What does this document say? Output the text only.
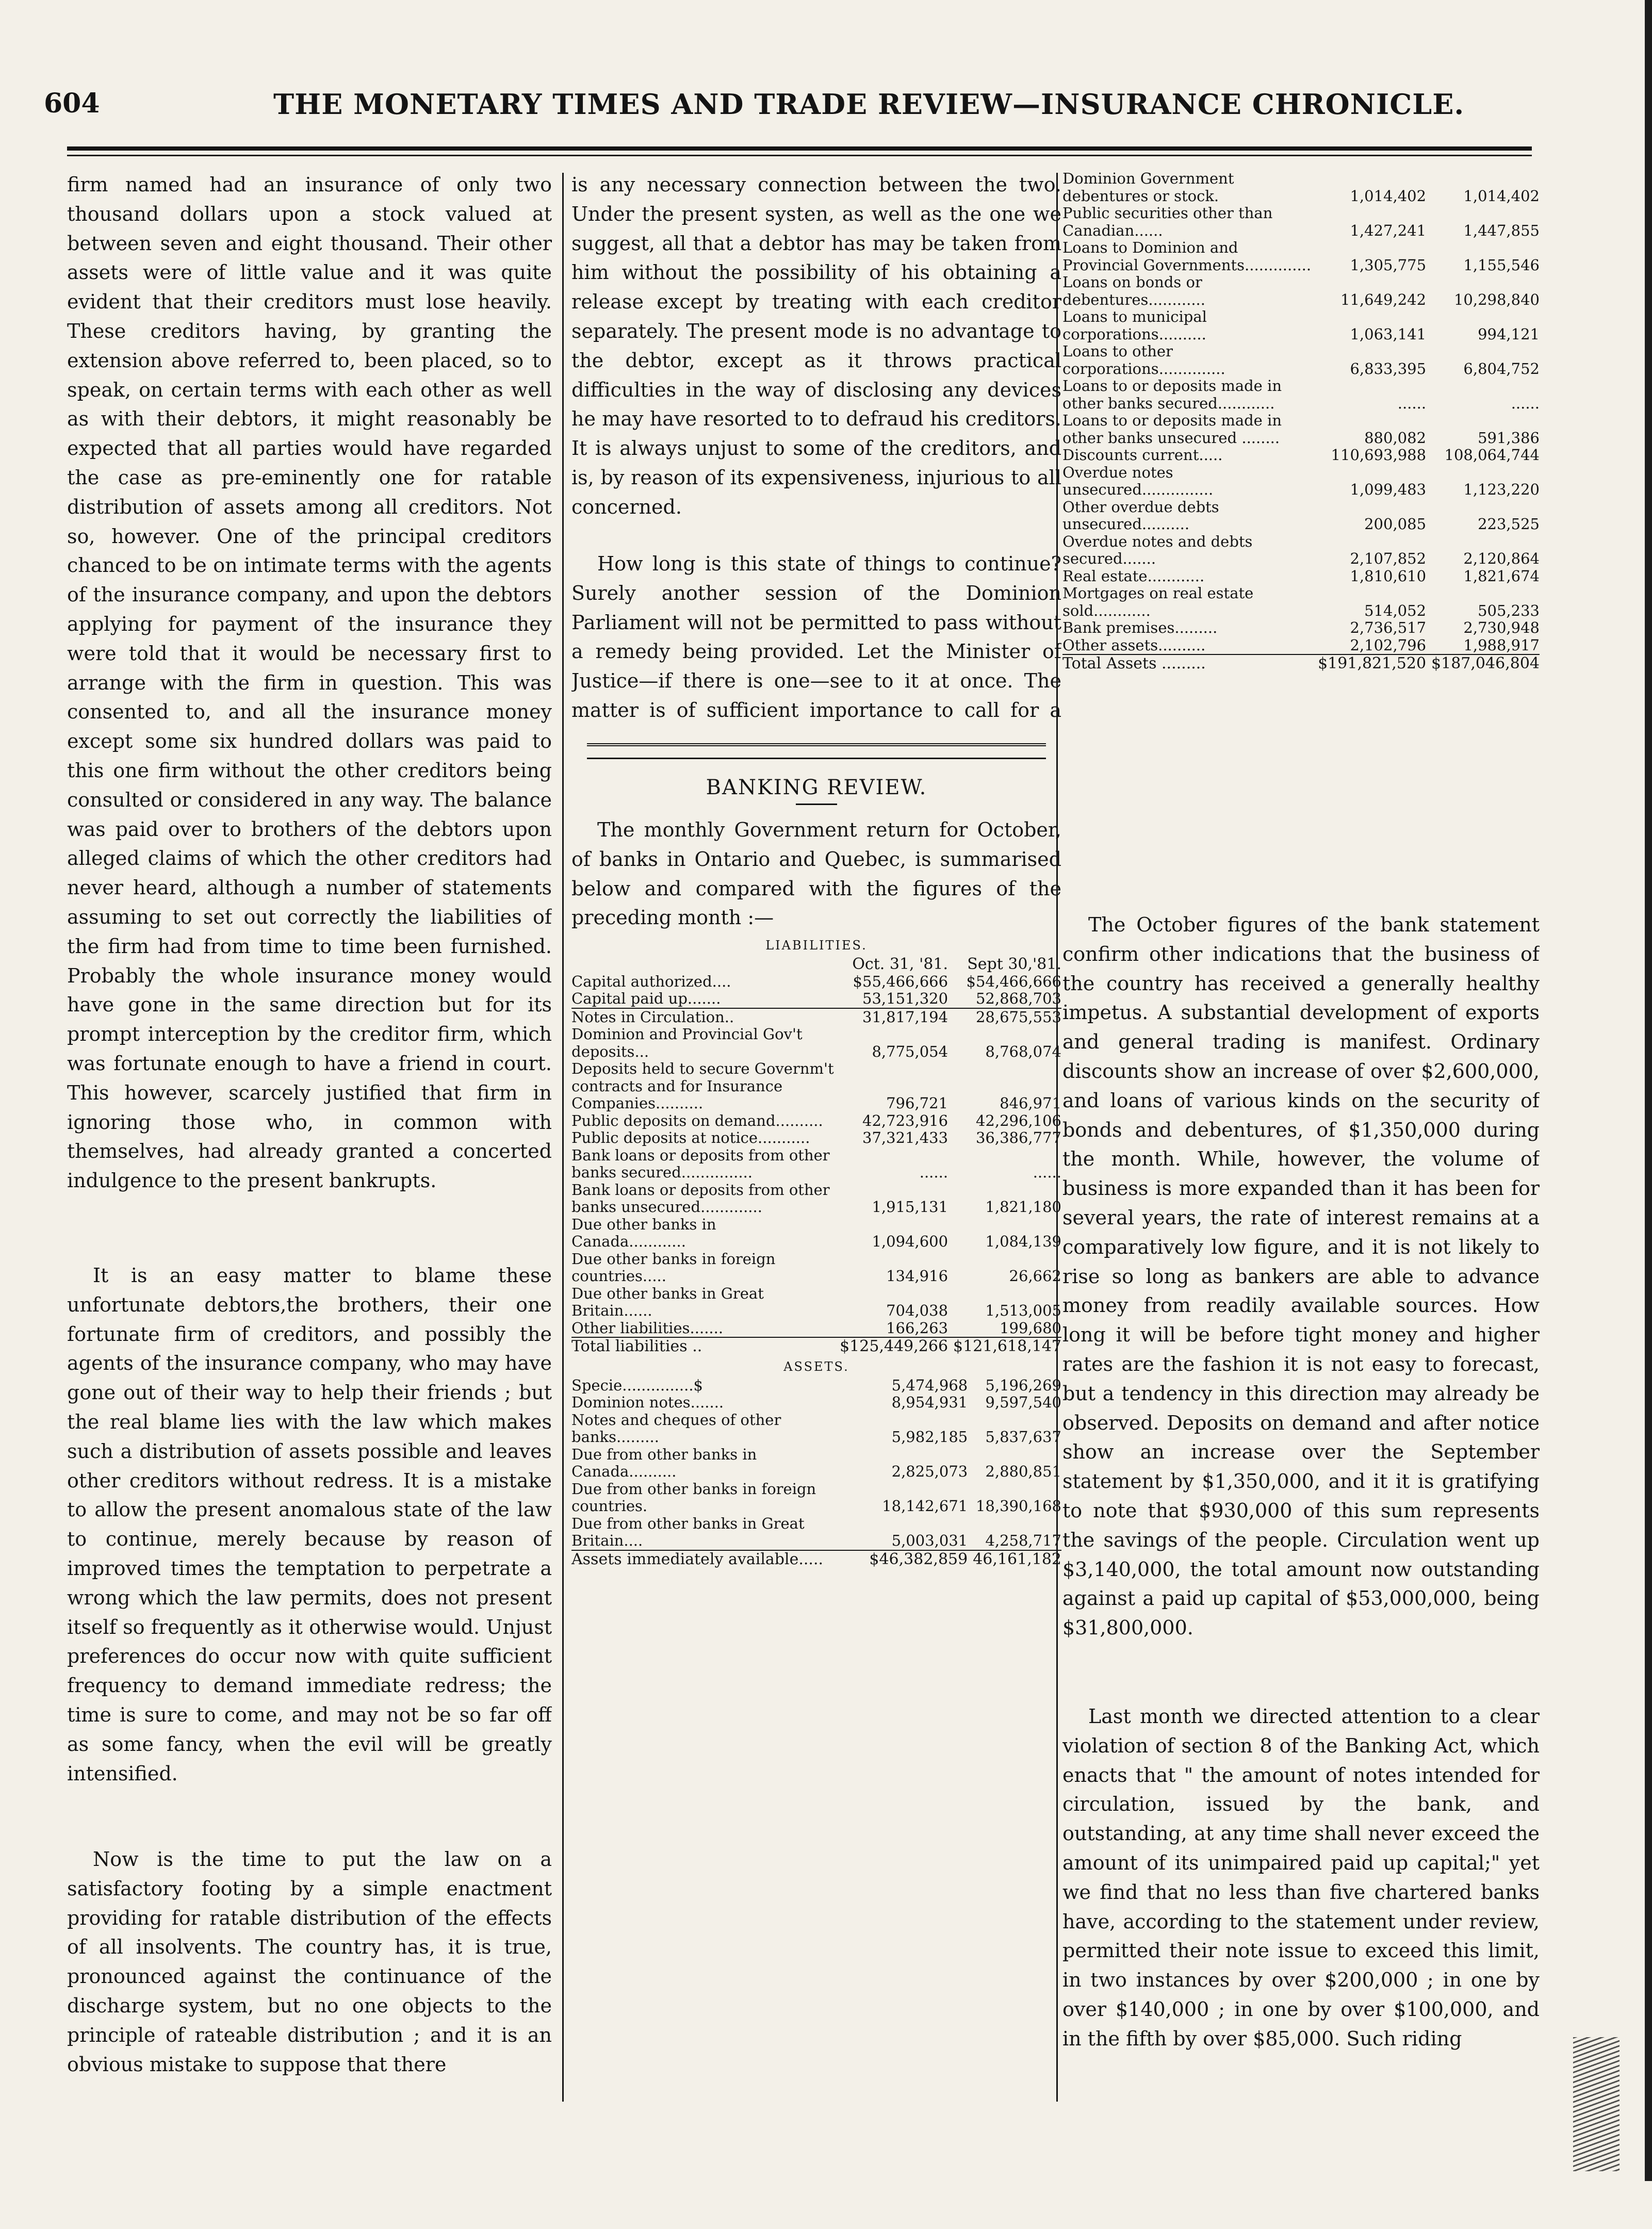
604	THE MONETARY TIMES AND TRADE REVIEW—INSURANCE CHRONICLE.

firm named had an insurance of only two thousand dollars upon a stock valued at between seven and eight thousand. Their other assets were of little value and it was quite evident that their creditors must lose heavily. These creditors having, by granting the extension above referred to, been placed, so to speak, on certain terms with each other as well as with their debtors, it might reasonably be expected that all parties would have regarded the case as pre-eminently one for ratable distribution of assets among all creditors. Not so, however. One of the principal creditors chanced to be on intimate terms with the agents of the insurance company, and upon the debtors applying for payment of the insurance they were told that it would be necessary first to arrange with the firm in question. This was consented to, and all the insurance money except some six hundred dollars was paid to this one firm without the other creditors being consulted or considered in any way. The balance was paid over to brothers of the debtors upon alleged claims of which the other creditors had never heard, although a number of statements assuming to set out correctly the liabilities of the firm had from time to time been furnished. Probably the whole insurance money would have gone in the same direction but for its prompt interception by the creditor firm, which was fortunate enough to have a friend in court. This however, scarcely justified that firm in ignoring those who, in common with themselves, had already granted a concerted indulgence to the present bankrupts.

It is an easy matter to blame these unfortunate debtors,the brothers, their one fortunate firm of creditors, and possibly the agents of the insurance company, who may have gone out of their way to help their friends ; but the real blame lies with the law which makes such a distribution of assets possible and leaves other creditors without redress. It is a mistake to allow the present anomalous state of the law to continue, merely because by reason of improved times the temptation to perpetrate a wrong which the law permits, does not present itself so frequently as it otherwise would. Unjust preferences do occur now with quite sufficient frequency to demand immediate redress; the time is sure to come, and may not be so far off as some fancy, when the evil will be greatly intensified.

Now is the time to put the law on a satisfactory footing by a simple enactment providing for ratable distribution of the effects of all insolvents. The country has, it is true, pronounced against the continuance of the discharge system, but no one objects to the principle of rateable distribution ; and it is an obvious mistake to suppose that there

is any necessary connection between the two. Under the present systen, as well as the one we suggest, all that a debtor has may be taken from him without the possibility of his obtaining a release except by treating with each creditor separately. The present mode is no advantage to the debtor, except as it throws practical difficulties in the way of disclosing any devices he may have resorted to to defraud his creditors. It is always unjust to some of the creditors, and is, by reason of its expensiveness, injurious to all concerned.

How long is this state of things to continue? Surely another session of the Dominion Parliament will not be permitted to pass without a remedy being provided. Let the Minister of Justice—if there is one—see to it at once. The matter is of sufficient importance to call for a

BANKING REVIEW.

The monthly Government return for October, of banks in Ontario and Quebec, is summarised below and compared with the figures of the preceding month :—

LIABILITIES.
	Oct. 31, '81.	Sept 30,'81.
Capital authorized....	$55,466,666	$54,466,666
Capital paid up.......	53,151,320	52,868,703
Notes in Circulation..	31,817,194	28,675,553
Dominion and Provincial Gov't deposits...	8,775,054	8,768,074
Deposits held to secure Governm't contracts and for Insurance Companies..........	796,721	846,971
Public deposits on demand..........	42,723,916	42,296,106
Public deposits at notice...........	37,321,433	36,386,777
Bank loans or deposits from other banks secured...............	......	......
Bank loans or deposits from other banks unsecured.............	1,915,131	1,821,180
Due other banks in Canada............	1,094,600	1,084,139
Due other banks in foreign countries.....	134,916	26,662
Due other banks in Great Britain......	704,038	1,513,005
Other liabilities.......	166,263	199,680
Total liabilities ..	$125,449,266	$121,618,147
ASSETS.
Specie...............$	5,474,968	5,196,269
Dominion notes.......	8,954,931	9,597,540
Notes and cheques of other banks.........	5,982,185	5,837,637
Due from other banks in Canada..........	2,825,073	2,880,851
Due from other banks in foreign countries.	18,142,671	18,390,168
Due from other banks in Great Britain....	5,003,031	4,258,717
Assets immediately available.....	$46,382,859	46,161,182
Dominion Government debentures or stock.	1,014,402	1,014,402
Public securities other than Canadian......	1,427,241	1,447,855
Loans to Dominion and Provincial Governments..............	1,305,775	1,155,546
Loans on bonds or debentures............	11,649,242	10,298,840
Loans to municipal corporations..........	1,063,141	994,121
Loans to other corporations..............	6,833,395	6,804,752
Loans to or deposits made in other banks secured............	......	......
Loans to or deposits made in other banks unsecured ........	880,082	591,386
Discounts current.....	110,693,988	108,064,744
Overdue notes unsecured...............	1,099,483	1,123,220
Other overdue debts unsecured..........	200,085	223,525
Overdue notes and debts secured.......	2,107,852	2,120,864
Real estate............	1,810,610	1,821,674
Mortgages on real estate sold............	514,052	505,233
Bank premises.........	2,736,517	2,730,948
Other assets..........	2,102,796	1,988,917
Total Assets .........	$191,821,520	$187,046,804

The October figures of the bank statement confirm other indications that the business of the country has received a generally healthy impetus. A substantial development of exports and general trading is manifest. Ordinary discounts show an increase of over $2,600,000, and loans of various kinds on the security of bonds and debentures, of $1,350,000 during the month. While, however, the volume of business is more expanded than it has been for several years, the rate of interest remains at a comparatively low figure, and it is not likely to rise so long as bankers are able to advance money from readily available sources. How long it will be before tight money and higher rates are the fashion it is not easy to forecast, but a tendency in this direction may already be observed. Deposits on demand and after notice show an increase over the September statement by $1,350,000, and it it is gratifying to note that $930,000 of this sum represents the savings of the people. Circulation went up $3,140,000, the total amount now outstanding against a paid up capital of $53,000,000, being $31,800,000.

Last month we directed attention to a clear violation of section 8 of the Banking Act, which enacts that " the amount of notes intended for circulation, issued by the bank, and outstanding, at any time shall never exceed the amount of its unimpaired paid up capital;" yet we find that no less than five chartered banks have, according to the statement under review, permitted their note issue to exceed this limit, in two instances by over $200,000 ; in one by over $140,000 ; in one by over $100,000, and in the fifth by over $85,000. Such riding
